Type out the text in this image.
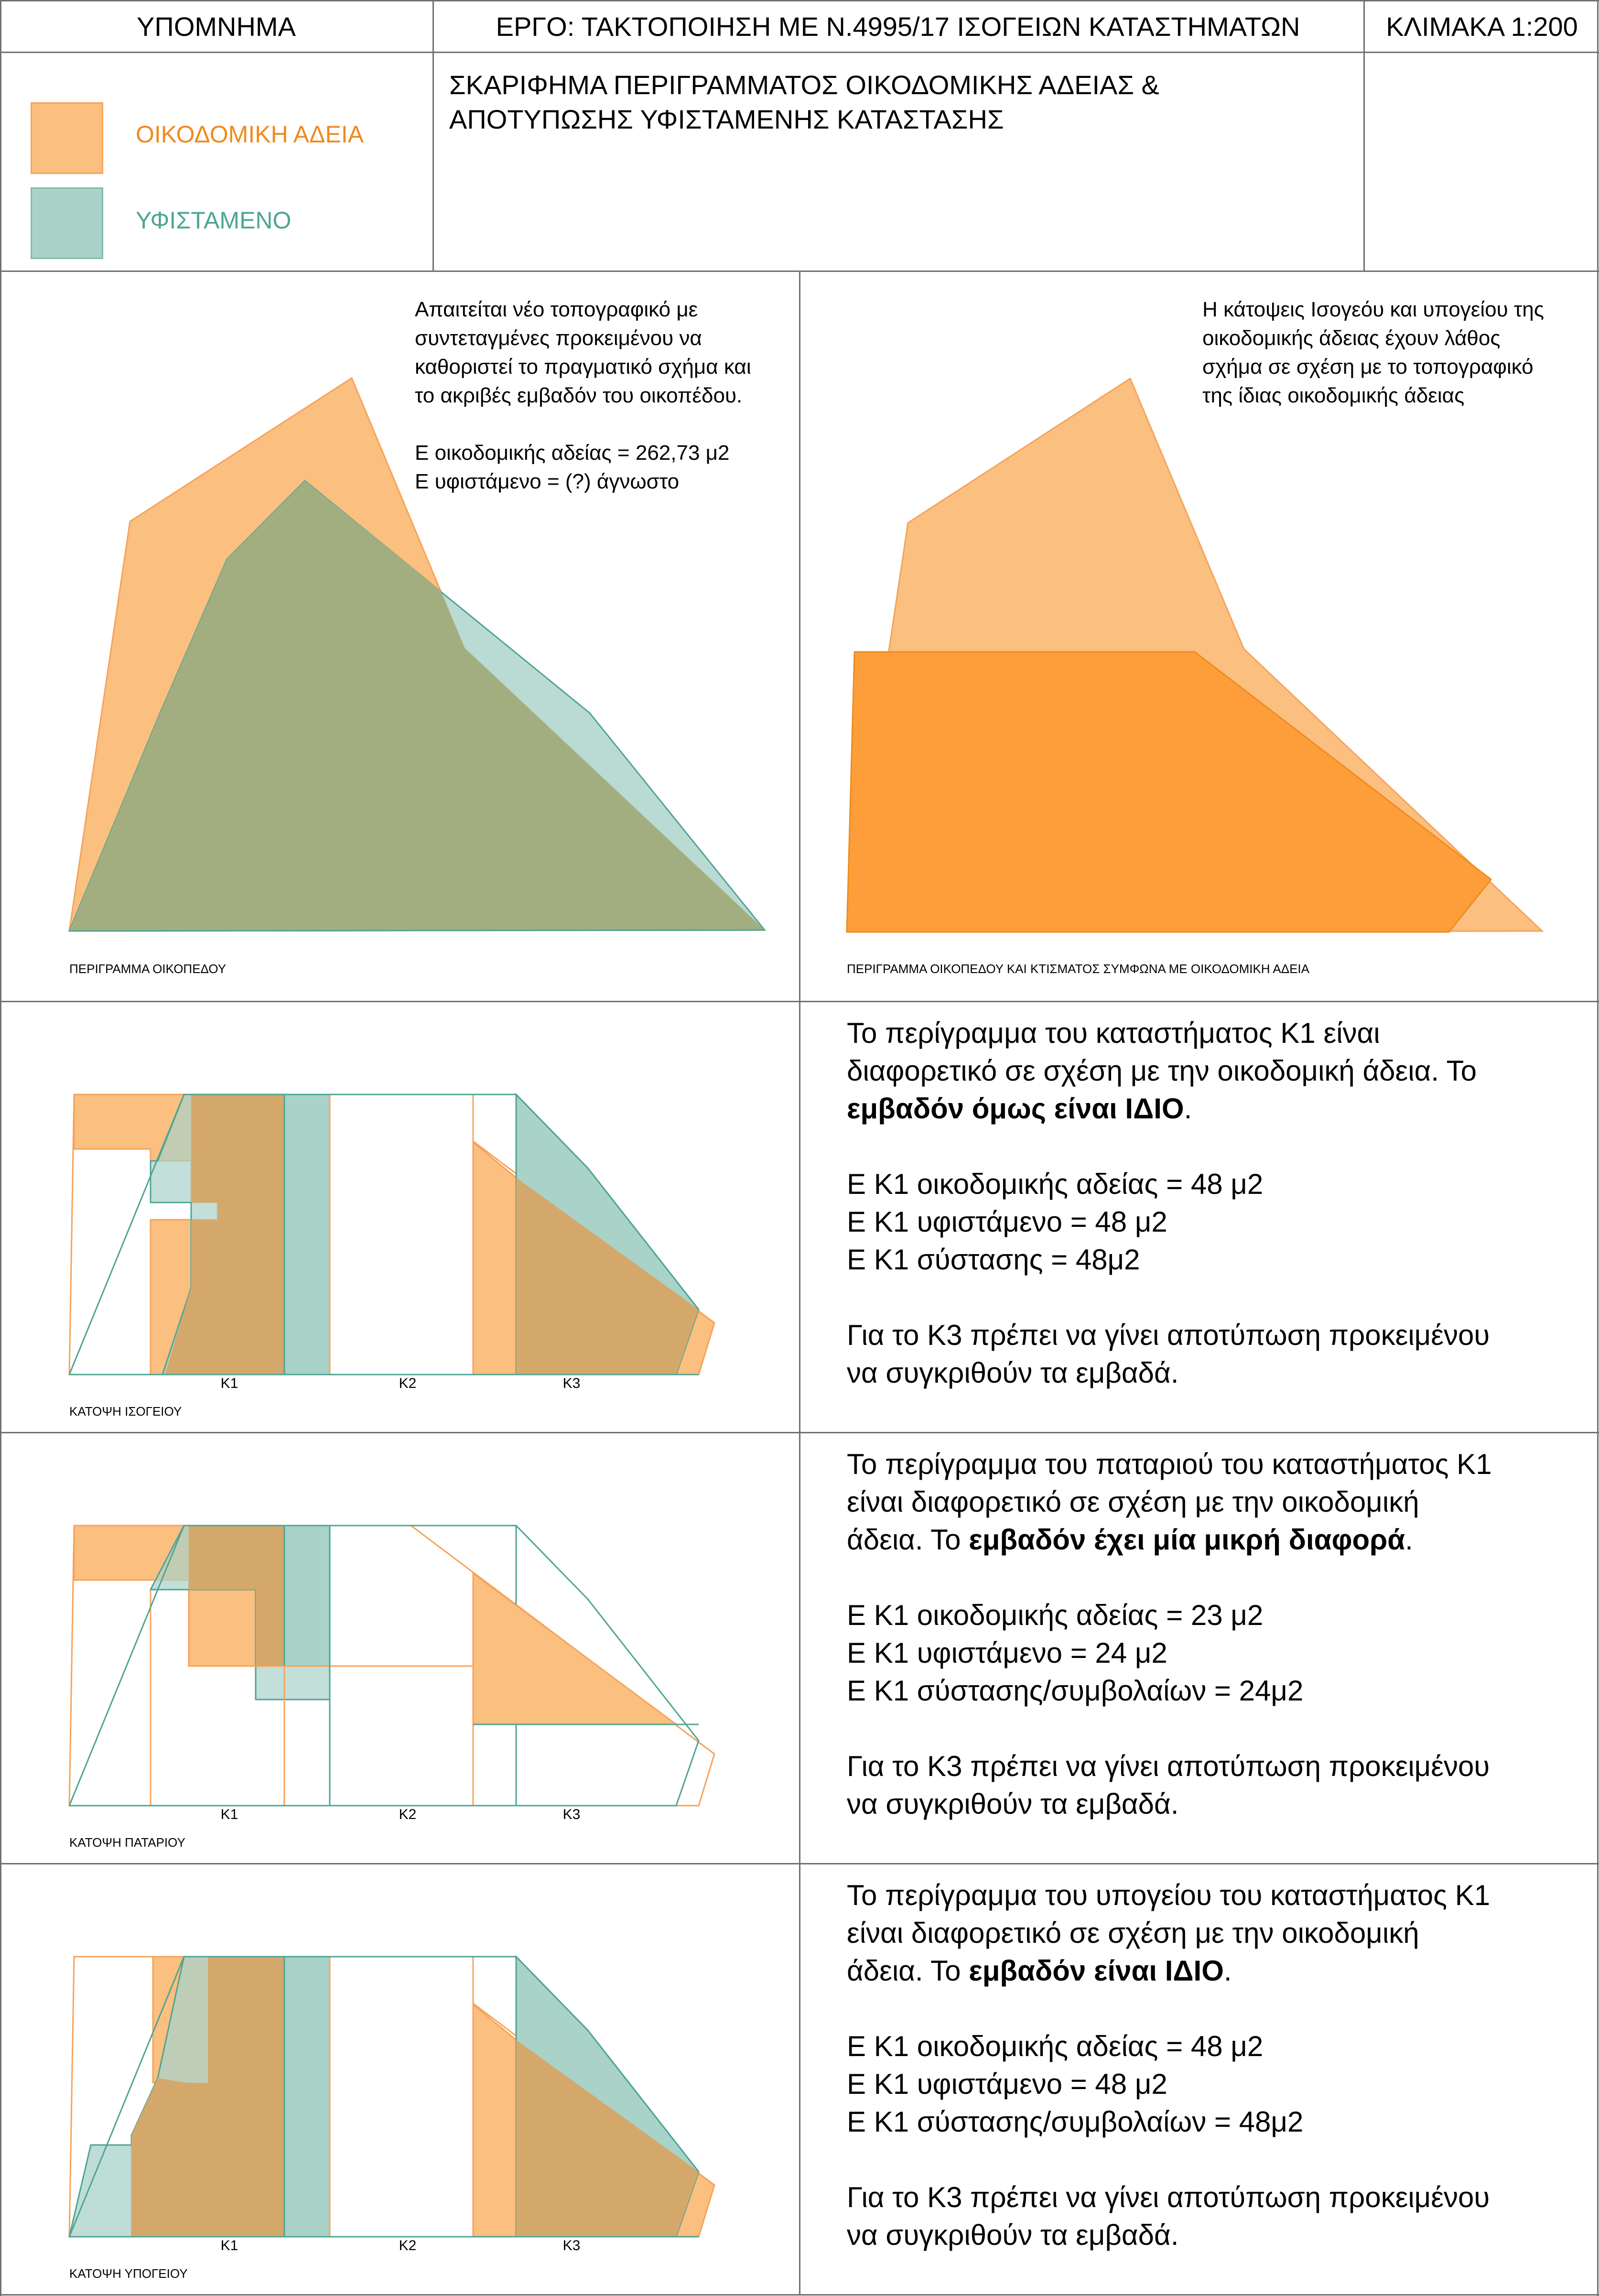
ΥΠΟΜΝΗΜΑ	ΕΡΓΟ: ΤΑΚΤΟΠΟΙΗΣΗ ΜΕ Ν.4995/17 ΙΣΟΓΕΙΩΝ ΚΑΤΑΣΤΗΜΑΤΩΝ	ΚΛΙΜΑΚΑ 1:200
ΣΚΑΡΙΦΗΜΑ ΠΕΡΙΓΡΑΜΜΑΤΟΣ ΟΙΚΟΔΟΜΙΚΗΣ ΑΔΕΙΑΣ &
ΑΠΟΤΥΠΩΣΗΣ ΥΦΙΣΤΑΜΕΝΗΣ ΚΑΤΑΣΤΑΣΗΣ
ΟΙΚΟΔΟΜΙΚΗ ΑΔΕΙΑ
ΥΦΙΣΤΑΜΕΝΟ

Απαιτείται νέο τοπογραφικό με

συντεταγμένες προκειμένου να

καθοριστεί το πραγματικό σχήμα και

το ακριβές εμβαδόν του οικοπέδου.

Ε οικοδομικής αδείας = 262,73 μ2

Ε υφιστάμενο = (?) άγνωστο

ΠΕΡΙΓΡΑΜΜΑ ΟΙΚΟΠΕΔΟΥ

Η κάτοψεις Ισογεόυ και υπογείου της

οικοδομικής άδειας έχουν λάθος

σχήμα σε σχέση με το τοπογραφικό

της ίδιας οικοδομικής άδειας

ΠΕΡΙΓΡΑΜΜΑ ΟΙΚΟΠΕΔΟΥ ΚΑΙ ΚΤΙΣΜΑΤΟΣ ΣΥΜΦΩΝΑ ΜΕ ΟΙΚΟΔΟΜΙΚΗ ΑΔΕΙΑ
Κ1	Κ2	Κ3
ΚΑΤΟΨΗ ΙΣΟΓΕΙΟΥ

Το περίγραμμα του καταστήματος Κ1 είναι

διαφορετικό σε σχέση με την οικοδομική άδεια. Το

εμβαδόν όμως είναι ΙΔΙΟ.

Ε Κ1 οικοδομικής αδείας = 48 μ2

Ε Κ1 υφιστάμενο = 48 μ2

Ε Κ1 σύστασης = 48μ2

Για το Κ3 πρέπει να γίνει αποτύπωση προκειμένου

να συγκριθούν τα εμβαδά.

Κ1	Κ2	Κ3
ΚΑΤΟΨΗ ΠΑΤΑΡΙΟΥ

Το περίγραμμα του παταριού του καταστήματος Κ1

είναι διαφορετικό σε σχέση με την οικοδομική

άδεια. Το εμβαδόν έχει μία μικρή διαφορά.

Ε Κ1 οικοδομικής αδείας = 23 μ2

Ε Κ1 υφιστάμενο = 24 μ2

Ε Κ1 σύστασης/συμβολαίων = 24μ2

Για το Κ3 πρέπει να γίνει αποτύπωση προκειμένου

να συγκριθούν τα εμβαδά.

Κ1	Κ2	Κ3
ΚΑΤΟΨΗ ΥΠΟΓΕΙΟΥ

Το περίγραμμα του υπογείου του καταστήματος Κ1

είναι διαφορετικό σε σχέση με την οικοδομική

άδεια. Το εμβαδόν είναι ΙΔΙΟ.

Ε Κ1 οικοδομικής αδείας = 48 μ2

Ε Κ1 υφιστάμενο = 48 μ2

Ε Κ1 σύστασης/συμβολαίων = 48μ2

Για το Κ3 πρέπει να γίνει αποτύπωση προκειμένου

να συγκριθούν τα εμβαδά.
